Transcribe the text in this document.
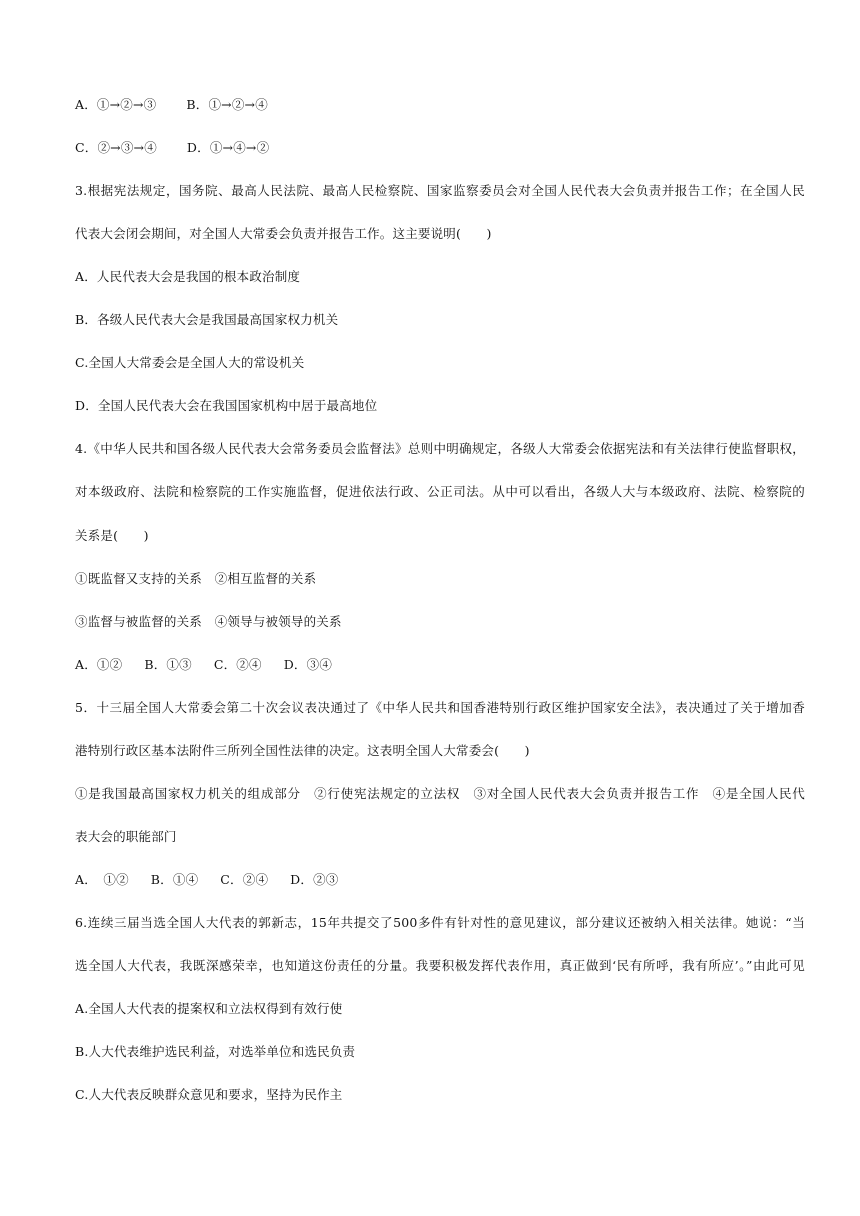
A．①→②→③ B．①→②→④
C．②→③→④ D．①→④→②
3.根据宪法规定，国务院、最高人民法院、最高人民检察院、国家监察委员会对全国人民代表大会负责并报告工作；在全国人民
代表大会闭会期间，对全国人大常委会负责并报告工作。这主要说明(　　)
A．人民代表大会是我国的根本政治制度
B．各级人民代表大会是我国最高国家权力机关
C.全国人大常委会是全国人大的常设机关
D．全国人民代表大会在我国国家机构中居于最高地位
4.《中华人民共和国各级人民代表大会常务委员会监督法》总则中明确规定，各级人大常委会依据宪法和有关法律行使监督职权，
对本级政府、法院和检察院的工作实施监督，促进依法行政、公正司法。从中可以看出，各级人大与本级政府、法院、检察院的
关系是(　　)
①既监督又支持的关系　②相互监督的关系
③监督与被监督的关系　④领导与被领导的关系
A．①② B．①③ C．②④ D．③④
5．十三届全国人大常委会第二十次会议表决通过了《中华人民共和国香港特别行政区维护国家安全法》，表决通过了关于增加香
港特别行政区基本法附件三所列全国性法律的决定。这表明全国人大常委会(　　)
①是我国最高国家权力机关的组成部分　②行使宪法规定的立法权　③对全国人民代表大会负责并报告工作　④是全国人民代
表大会的职能部门
A．　①② B．①④ C．②④ D．②③
6.连续三届当选全国人大代表的郭新志，15年共提交了500多件有针对性的意见建议，部分建议还被纳入相关法律。她说：“当
选全国人大代表，我既深感荣幸，也知道这份责任的分量。我要积极发挥代表作用，真正做到‘民有所呼，我有所应’。”由此可见
A.全国人大代表的提案权和立法权得到有效行使
B.人大代表维护选民利益，对选举单位和选民负责
C.人大代表反映群众意见和要求，坚持为民作主
